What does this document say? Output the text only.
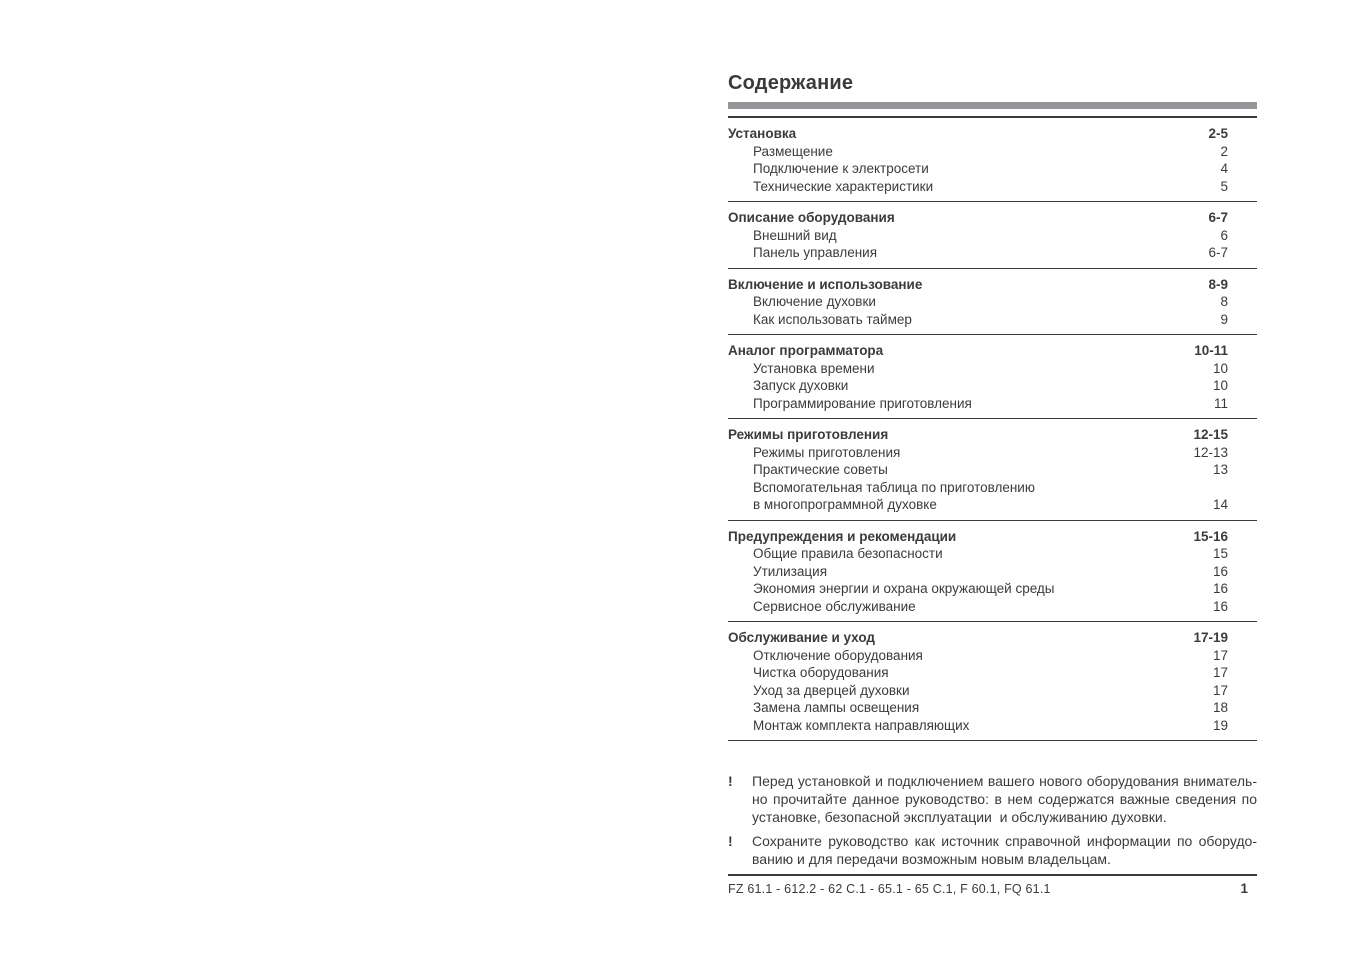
Содержание
Установка	2-5
Размещение	2
Подключение к электросети	4
Технические характеристики	5
Описание оборудования	6-7
Внешний вид	6
Панель управления	6-7
Включение и использование	8-9
Включение духовки	8
Как использовать таймер	9
Аналог программатора	10-11
Установка времени	10
Запуск духовки	10
Программирование приготовления	11
Режимы приготовления	12-15
Режимы приготовления	12-13
Практические советы	13
Вспомогательная таблица по приготовлению
в многопрограммной духовке	14
Предупреждения и рекомендации	15-16
Общие правила безопасности	15
Утилизация	16
Экономия энергии и охрана окружающей среды	16
Сервисное обслуживание	16
Обслуживание и уход	17-19
Отключение оборудования	17
Чистка оборудования	17
Уход за дверцей духовки	17
Замена лампы освещения	18
Монтаж комплекта направляющих	19
!	Перед установкой и подключением вашего нового оборудования вниматель-
но прочитайте данное руководство: в нем содержатся важные сведения по
установке, безопасной эксплуатации  и обслуживанию духовки.
!	Сохраните руководство как источник справочной информации по оборудо-
ванию и для передачи возможным новым владельцам.
FZ 61.1 - 612.2 - 62 C.1 - 65.1 - 65 C.1, F 60.1, FQ 61.1	1
